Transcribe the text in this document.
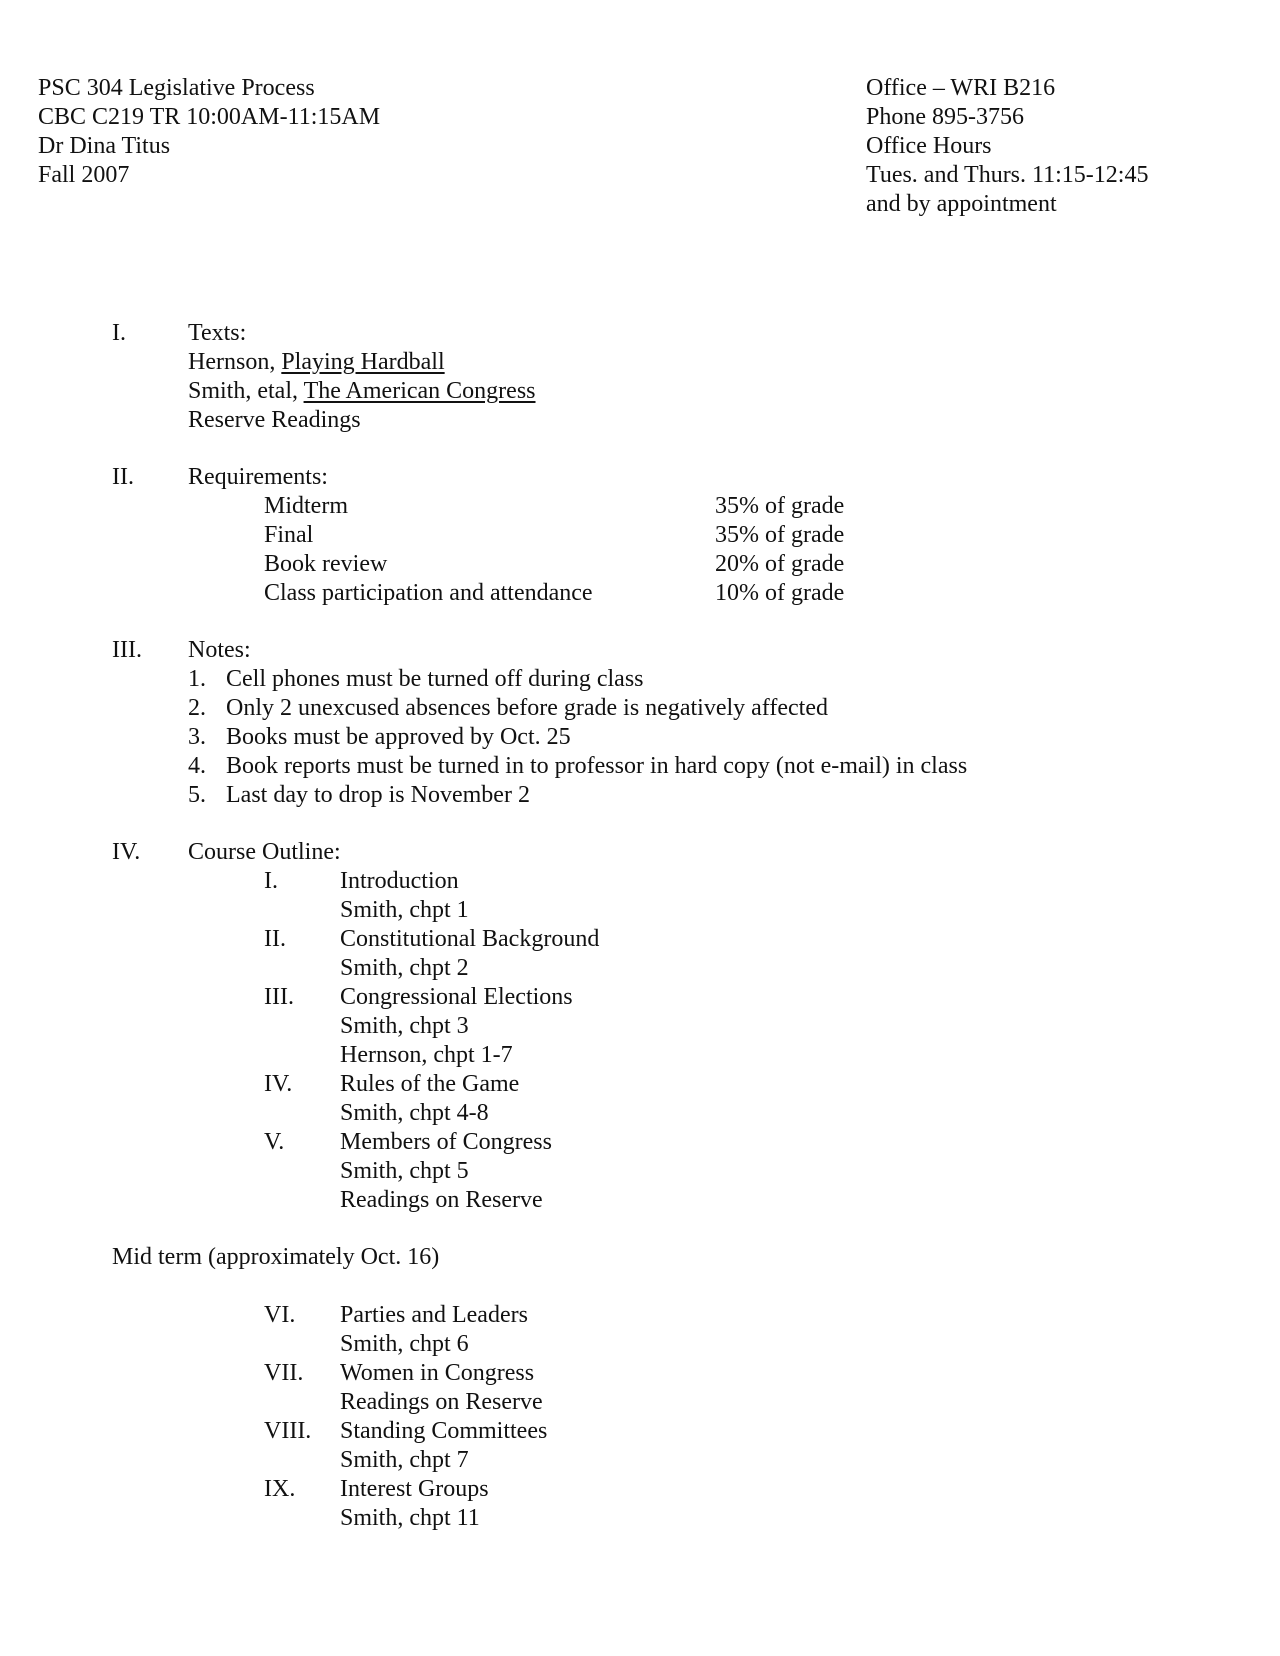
PSC 304 Legislative Process
CBC C219 TR 10:00AM-11:15AM
Dr Dina Titus
Fall 2007
Office – WRI B216
Phone 895-3756
Office Hours
Tues. and Thurs. 11:15-12:45
and by appointment
I.	Texts:
Hernson, Playing Hardball
Smith, etal, The American Congress
Reserve Readings
II. Requirements:
Midterm	35% of grade
Final	35% of grade
Book review	20% of grade
Class participation and attendance	10% of grade
III. Notes:
1. Cell phones must be turned off during class
2. Only 2 unexcused absences before grade is negatively affected
3. Books must be approved by Oct. 25
4. Book reports must be turned in to professor in hard copy (not e-mail) in class
5. Last day to drop is November 2
IV. Course Outline:
I.	Introduction
Smith, chpt 1
II. Constitutional Background
Smith, chpt 2
III. Congressional Elections
Smith, chpt 3
Hernson, chpt 1-7
IV. Rules of the Game
Smith, chpt 4-8
V. Members of Congress
Smith, chpt 5
Readings on Reserve
Mid term (approximately Oct. 16)
VI. Parties and Leaders
Smith, chpt 6
VII. Women in Congress
Readings on Reserve
VIII. Standing Committees
Smith, chpt 7
IX. Interest Groups
Smith, chpt 11
